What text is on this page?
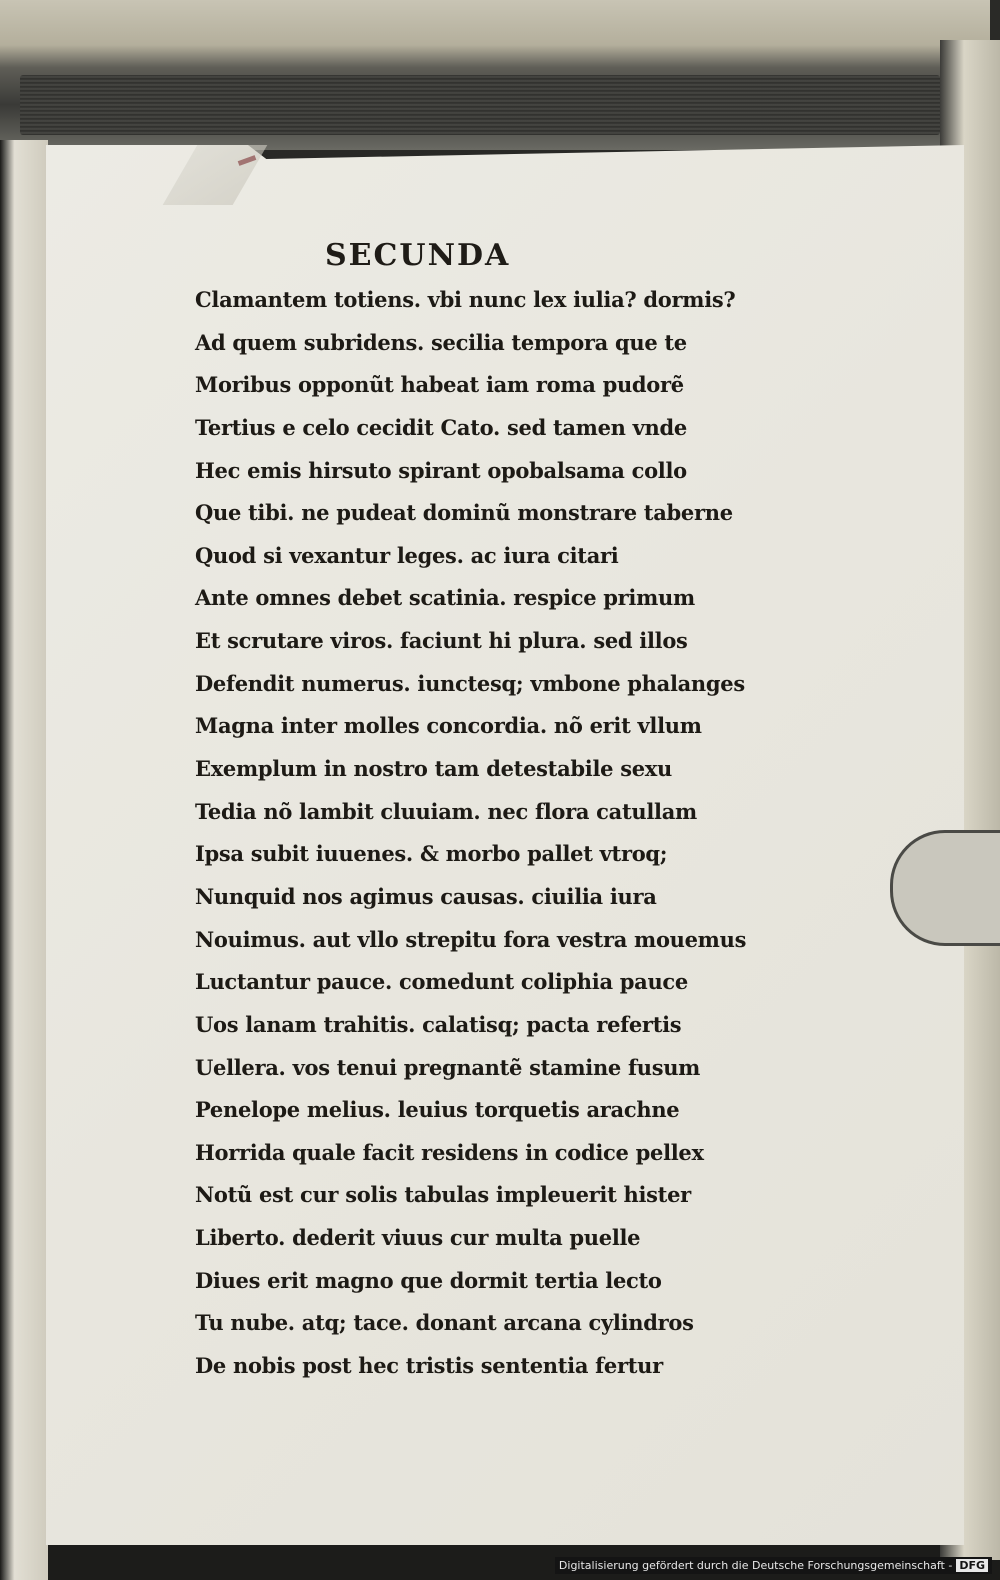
SECUNDA
Clamantem totiens. vbi nunc lex iulia? dormis?
Ad quem subridens. secilia tempora que te
Moribus opponũt habeat iam roma pudorẽ
Tertius e celo cecidit Cato. sed tamen vnde
Hec emis hirsuto spirant opobalsama collo
Que tibi. ne pudeat dominũ monstrare taberne
Quod si vexantur leges. ac iura citari
Ante omnes debet scatinia. respice primum
Et scrutare viros. faciunt hi plura. sed illos
Defendit numerus. iunctesq; vmbone phalanges
Magna inter molles concordia. nõ erit vllum
Exemplum in nostro tam detestabile sexu
Tedia nõ lambit cluuiam. nec flora catullam
Ipsa subit iuuenes. & morbo pallet vtroq;
Nunquid nos agimus causas. ciuilia iura
Nouimus. aut vllo strepitu fora vestra mouemus
Luctantur pauce. comedunt coliphia pauce
Uos lanam trahitis. calatisq; pacta refertis
Uellera. vos tenui pregnantẽ stamine fusum
Penelope melius. leuius torquetis arachne
Horrida quale facit residens in codice pellex
Notũ est cur solis tabulas impleuerit hister
Liberto. dederit viuus cur multa puelle
Diues erit magno que dormit tertia lecto
Tu nube. atq; tace. donant arcana cylindros
De nobis post hec tristis sententia fertur
Digitalisierung gefördert durch die Deutsche Forschungsgemeinschaft - DFG
